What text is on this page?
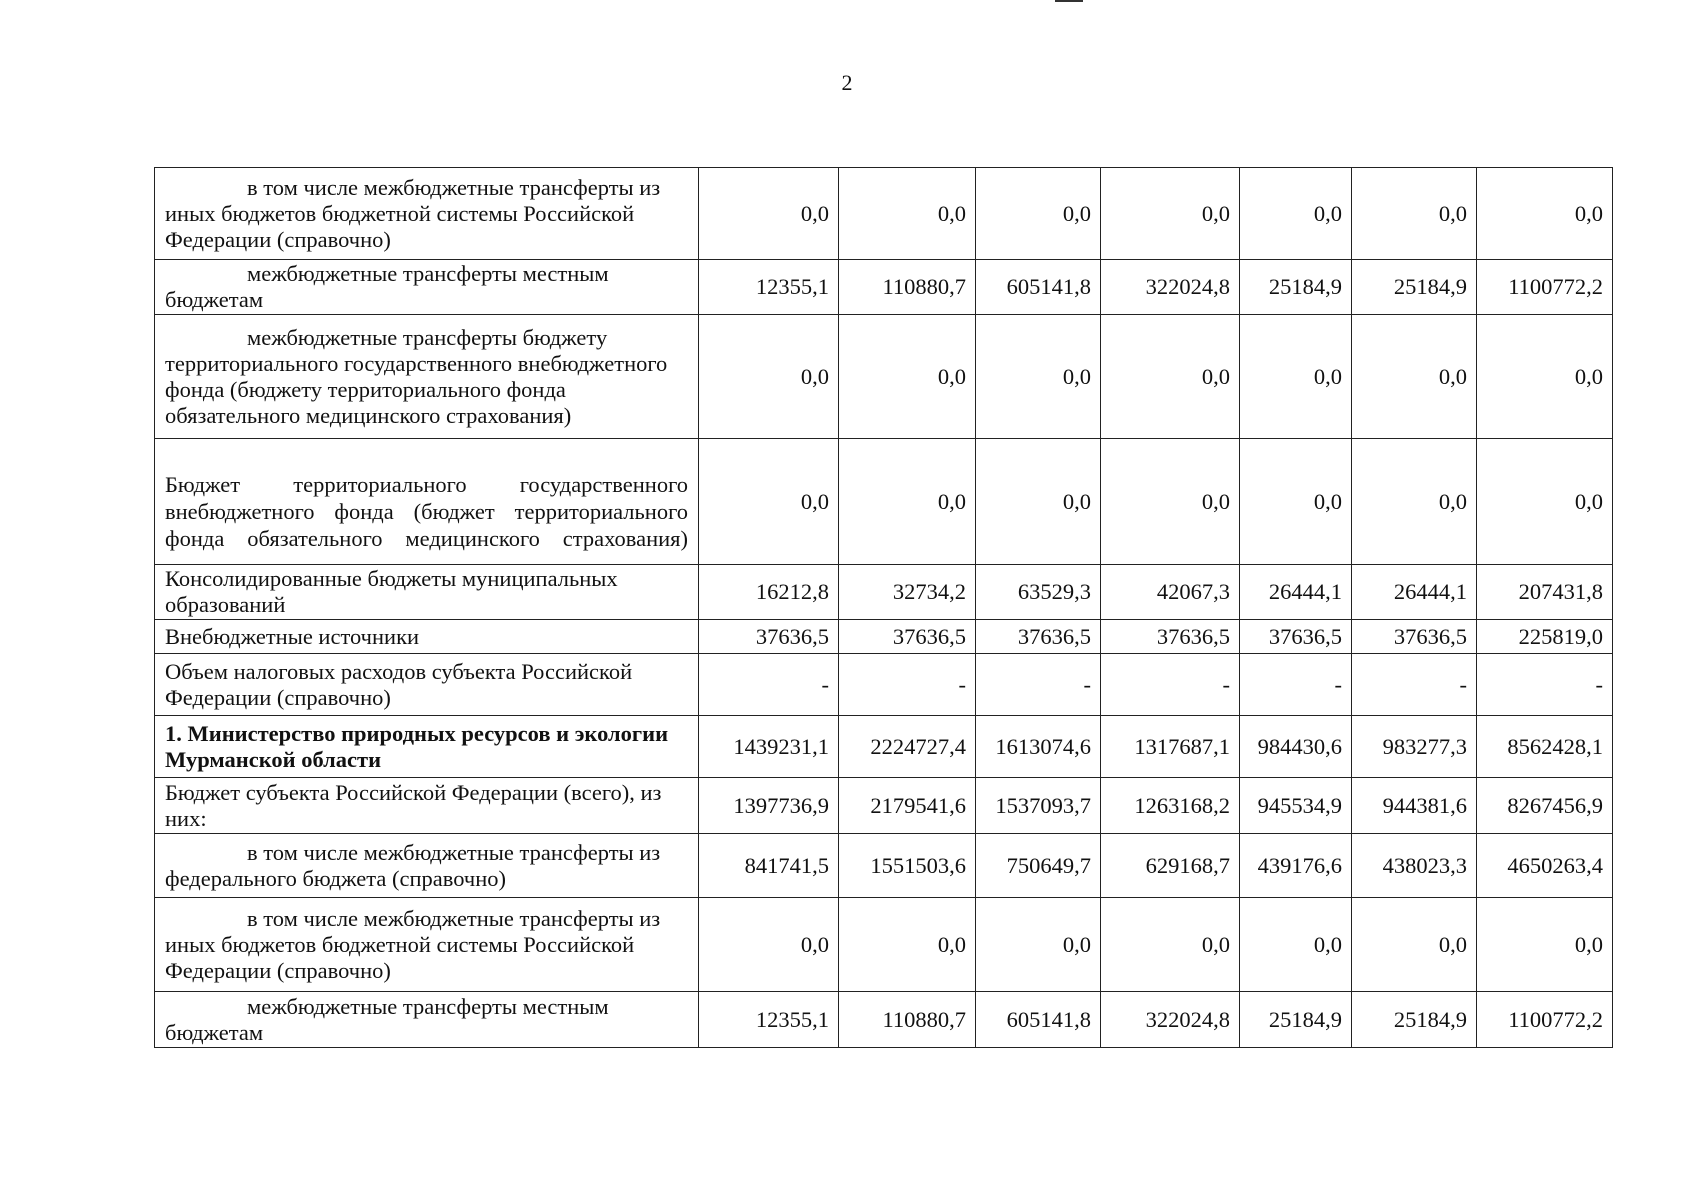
2
в том числе межбюджетные трансферты из иных бюджетов бюджетной системы Российской Федерации (справочно)	0,0	0,0	0,0	0,0	0,0	0,0	0,0
межбюджетные трансферты местным бюджетам	12355,1	110880,7	605141,8	322024,8	25184,9	25184,9	1100772,2
межбюджетные трансферты бюджету территориального государственного внебюджетного фонда (бюджету территориального фонда обязательного медицинского страхования)	0,0	0,0	0,0	0,0	0,0	0,0	0,0
Бюджет территориального государственного внебюджетного фонда (бюджет территориального фонда обязательного медицинского страхования)	0,0	0,0	0,0	0,0	0,0	0,0	0,0
Консолидированные бюджеты муниципальных образований	16212,8	32734,2	63529,3	42067,3	26444,1	26444,1	207431,8
Внебюджетные источники	37636,5	37636,5	37636,5	37636,5	37636,5	37636,5	225819,0
Объем налоговых расходов субъекта Российской Федерации (справочно)	-	-	-	-	-	-	-
1. Министерство природных ресурсов и экологии Мурманской области	1439231,1	2224727,4	1613074,6	1317687,1	984430,6	983277,3	8562428,1
Бюджет субъекта Российской Федерации (всего), из них:	1397736,9	2179541,6	1537093,7	1263168,2	945534,9	944381,6	8267456,9
в том числе межбюджетные трансферты из федерального бюджета (справочно)	841741,5	1551503,6	750649,7	629168,7	439176,6	438023,3	4650263,4
в том числе межбюджетные трансферты из иных бюджетов бюджетной системы Российской Федерации (справочно)	0,0	0,0	0,0	0,0	0,0	0,0	0,0
межбюджетные трансферты местным бюджетам	12355,1	110880,7	605141,8	322024,8	25184,9	25184,9	1100772,2
